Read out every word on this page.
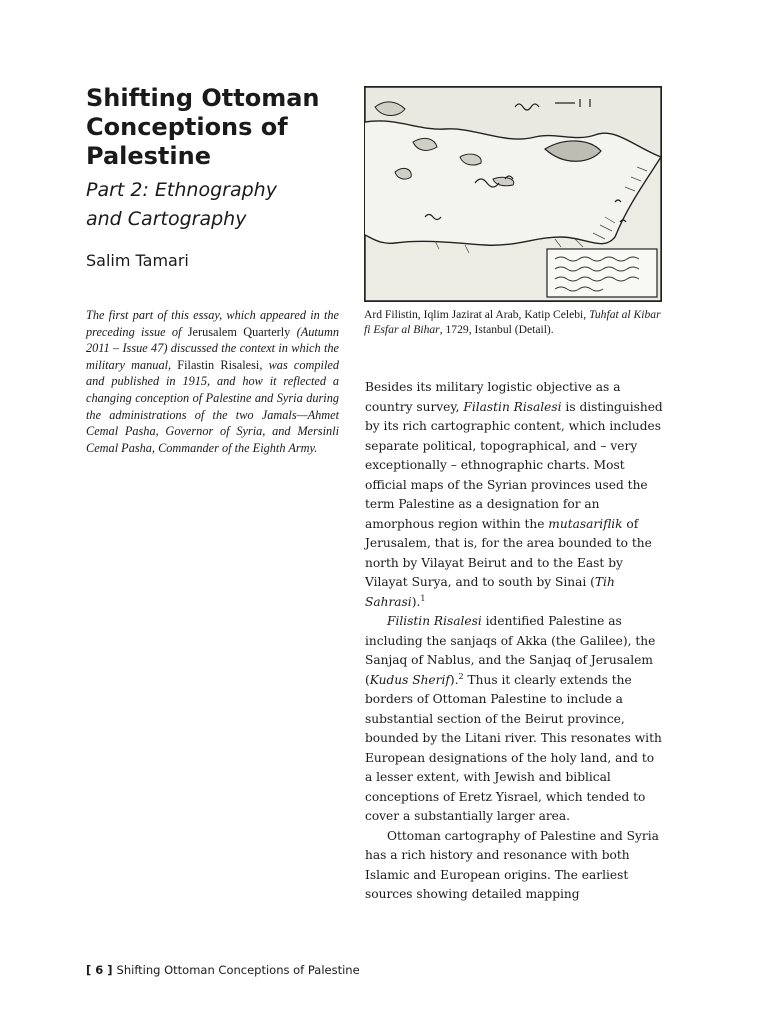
Shifting Ottoman Conceptions of Palestine
Part 2: Ethnography
and Cartography
Salim Tamari

The first part of this essay, which appeared in the preceding issue of Jerusalem Quarterly (Autumn 2011 – Issue 47) discussed the context in which the military manual, Filastin Risalesi, was compiled and published in 1915, and how it reflected a changing conception of Palestine and Syria during the administrations of the two Jamals—Ahmet Cemal Pasha, Governor of Syria, and Mersinli Cemal Pasha, Commander of the Eighth Army.

Ard Filistin, Iqlim Jazirat al Arab, Katip Celebi, Tuhfat al Kibar fi Esfar al Bihar, 1729, Istanbul (Detail).

Besides its military logistic objective as a country survey, Filastin Risalesi is distinguished by its rich cartographic content, which includes separate political, topographical, and – very exceptionally – ethnographic charts. Most official maps of the Syrian provinces used the term Palestine as a designation for an amorphous region within the mutasariflik of Jerusalem, that is, for the area bounded to the north by Vilayat Beirut and to the East by Vilayat Surya, and to south by Sinai (Tih Sahrasi).$^1$

Filistin Risalesi identified Palestine as including the sanjaqs of Akka (the Galilee), the Sanjaq of Nablus, and the Sanjaq of Jerusalem (Kudus Sherif).$^2$ Thus it clearly extends the borders of Ottoman Palestine to include a substantial section of the Beirut province, bounded by the Litani river. This resonates with European designations of the holy land, and to a lesser extent, with Jewish and biblical conceptions of Eretz Yisrael, which tended to cover a substantially larger area.

Ottoman cartography of Palestine and Syria has a rich history and resonance with both Islamic and European origins. The earliest sources showing detailed mapping

[ 6 ] Shifting Ottoman Conceptions of Palestine
